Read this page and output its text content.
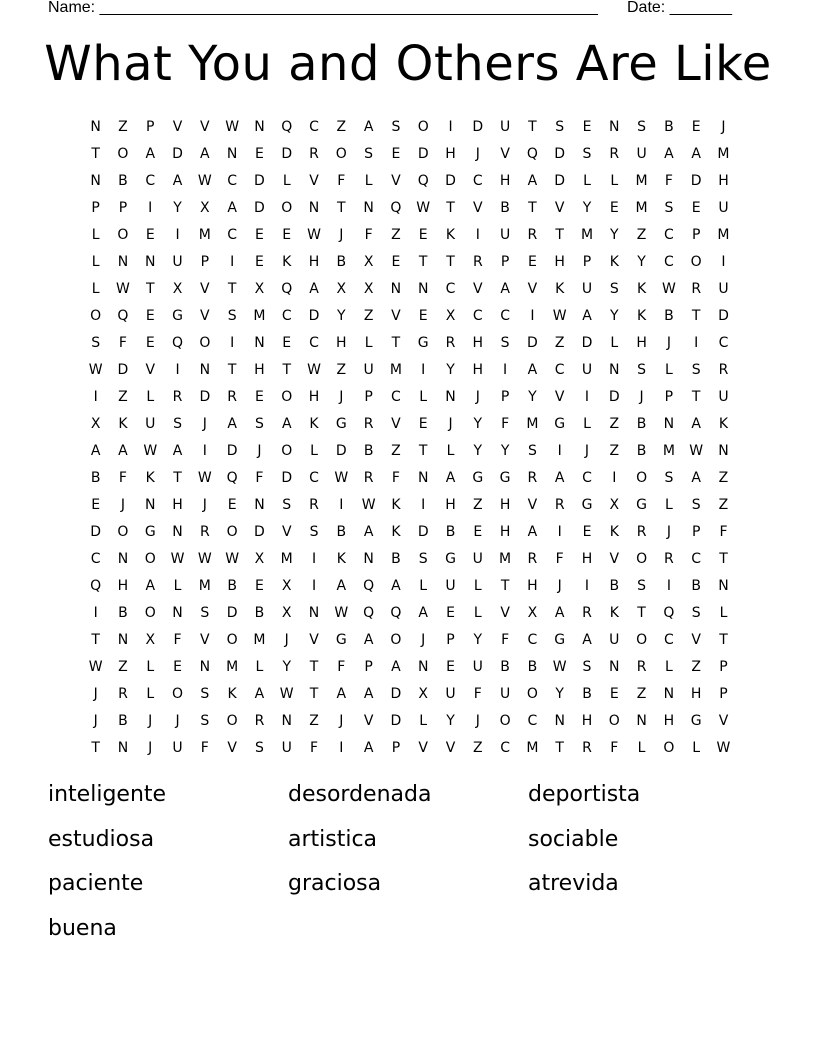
Name: ________________________________________________________ Date: _______
What You and Others Are Like
N	Z	P	V	V	W	N	Q	C	Z	A	S	O	I	D	U	T	S	E	N	S	B	E	J
T	O	A	D	A	N	E	D	R	O	S	E	D	H	J	V	Q	D	S	R	U	A	A	M
N	B	C	A	W	C	D	L	V	F	L	V	Q	D	C	H	A	D	L	L	M	F	D	H
P	P	I	Y	X	A	D	O	N	T	N	Q	W	T	V	B	T	V	Y	E	M	S	E	U
L	O	E	I	M	C	E	E	W	J	F	Z	E	K	I	U	R	T	M	Y	Z	C	P	M
L	N	N	U	P	I	E	K	H	B	X	E	T	T	R	P	E	H	P	K	Y	C	O	I
L	W	T	X	V	T	X	Q	A	X	X	N	N	C	V	A	V	K	U	S	K	W	R	U
O	Q	E	G	V	S	M	C	D	Y	Z	V	E	X	C	C	I	W	A	Y	K	B	T	D
S	F	E	Q	O	I	N	E	C	H	L	T	G	R	H	S	D	Z	D	L	H	J	I	C
W	D	V	I	N	T	H	T	W	Z	U	M	I	Y	H	I	A	C	U	N	S	L	S	R
I	Z	L	R	D	R	E	O	H	J	P	C	L	N	J	P	Y	V	I	D	J	P	T	U
X	K	U	S	J	A	S	A	K	G	R	V	E	J	Y	F	M	G	L	Z	B	N	A	K
A	A	W	A	I	D	J	O	L	D	B	Z	T	L	Y	Y	S	I	J	Z	B	M	W	N
B	F	K	T	W	Q	F	D	C	W	R	F	N	A	G	G	R	A	C	I	O	S	A	Z
E	J	N	H	J	E	N	S	R	I	W	K	I	H	Z	H	V	R	G	X	G	L	S	Z
D	O	G	N	R	O	D	V	S	B	A	K	D	B	E	H	A	I	E	K	R	J	P	F
C	N	O	W W W	X	M	I	K	N	B	S	G	U	M	R	F	H	V	O	R	C	T
Q	H	A	L	M	B	E	X	I	A	Q	A	L	U	L	T	H	J	I	B	S	I	B	N
I	B	O	N	S	D	B	X	N	W	Q	Q	A	E	L	V	X	A	R	K	T	Q	S	L
T	N	X	F	V	O	M	J	V	G	A	O	J	P	Y	F	C	G	A	U	O	C	V	T
W	Z	L	E	N	M	L	Y	T	F	P	A	N	E	U	B	B	W	S	N	R	L	Z	P
J	R	L	O	S	K	A	W	T	A	A	D	X	U	F	U	O	Y	B	E	Z	N	H	P
J	B	J	J	S	O	R	N	Z	J	V	D	L	Y	J	O	C	N	H	O	N	H	G	V
T	N	J	U	F	V	S	U	F	I	A	P	V	V	Z	C	M	T	R	F	L	O	L	W
inteligente	desordenada	deportista
estudiosa	artistica	sociable
paciente	graciosa	atrevida
buena
